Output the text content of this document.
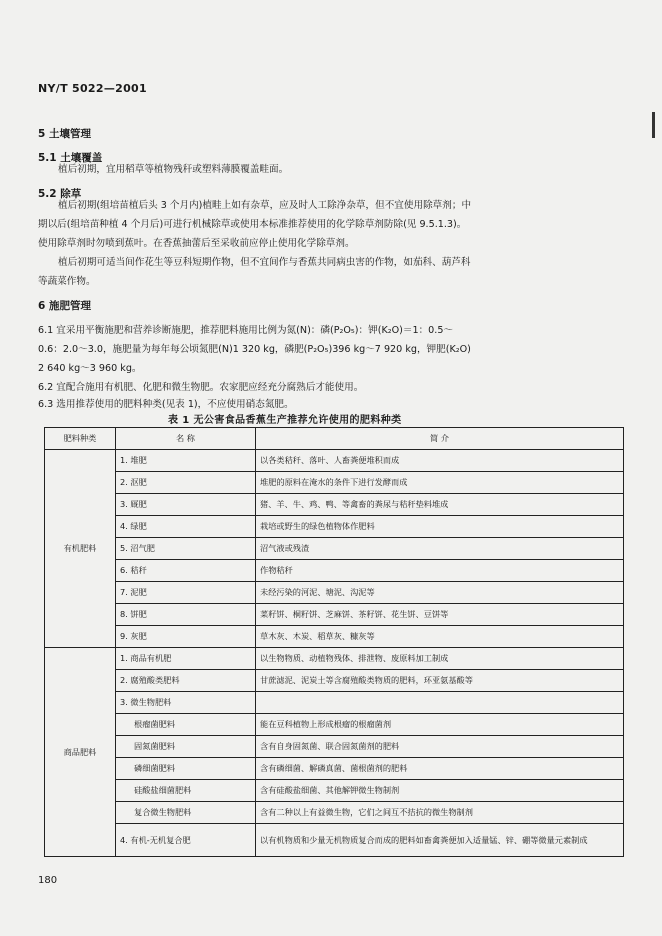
NY/T 5022—2001
5 土壤管理
5.1 土壤覆盖
植后初期，宜用稻草等植物残秆或塑料薄膜覆盖畦面。
5.2 除草
植后初期(组培苗植后头 3 个月内)植畦上如有杂草，应及时人工除净杂草，但不宜使用除草剂；中
期以后(组培苗种植 4 个月后)可进行机械除草或使用本标准推荐使用的化学除草剂防除(见 9.5.1.3)。
使用除草剂时勿喷到蕉叶。在香蕉抽蕾后至采收前应停止使用化学除草剂。
植后初期可适当间作花生等豆科短期作物，但不宜间作与香蕉共同病虫害的作物，如茄科、葫芦科
等蔬菜作物。
6 施肥管理
6.1 宜采用平衡施肥和营养诊断施肥，推荐肥料施用比例为氮(N)：磷(P₂O₅)：钾(K₂O)＝1：0.5～
0.6：2.0～3.0，施肥量为每年每公顷氮肥(N)1 320 kg，磷肥(P₂O₅)396 kg～7 920 kg，钾肥(K₂O)
2 640 kg～3 960 kg。
6.2 宜配合施用有机肥、化肥和微生物肥。农家肥应经充分腐熟后才能使用。
6.3 选用推荐使用的肥料种类(见表 1)，不应使用硝态氮肥。
表 1 无公害食品香蕉生产推荐允许使用的肥料种类
肥料种类	名 称	简 介
有机肥料	1. 堆肥	以各类秸秆、落叶、人畜粪便堆积而成
	2. 沤肥	堆肥的原料在淹水的条件下进行发酵而成
	3. 厩肥	猪、羊、牛、鸡、鸭、等禽畜的粪尿与秸秆垫料堆成
	4. 绿肥	栽培或野生的绿色植物体作肥料
	5. 沼气肥	沼气液或残渣
	6. 秸秆	作物秸秆
	7. 泥肥	未经污染的河泥、塘泥、沟泥等
	8. 饼肥	菜籽饼、桐籽饼、芝麻饼、茶籽饼、花生饼、豆饼等
	9. 灰肥	草木灰、木炭、稻草灰、糠灰等
商品肥料	1. 商品有机肥	以生物物质、动植物残体、排泄物、废原料加工制成
	2. 腐殖酸类肥料	甘蔗滤泥、泥炭土等含腐殖酸类物质的肥料，环亚氨基酸等
	3. 微生物肥料	
	根瘤菌肥料	能在豆科植物上形成根瘤的根瘤菌剂
	固氮菌肥料	含有自身固氮菌、联合固氮菌剂的肥料
	磷细菌肥料	含有磷细菌、解磷真菌、菌根菌剂的肥料
	硅酸盐细菌肥料	含有硅酸盐细菌、其他解钾微生物制剂
	复合微生物肥料	含有二种以上有益微生物，它们之间互不拮抗的微生物制剂
	4. 有机-无机复合肥	以有机物质和少量无机物质复合而成的肥料如畜禽粪便加入适量锰、锌、硼等微量元素制成
180
